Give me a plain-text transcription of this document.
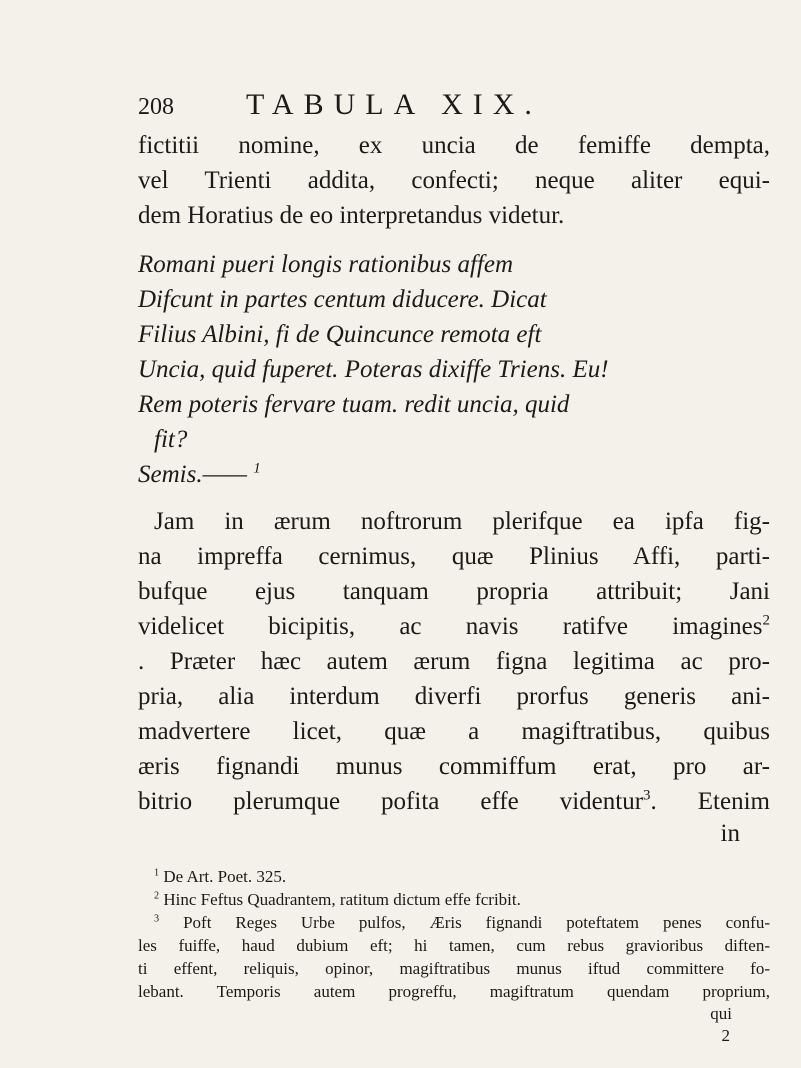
208	TABULA XIX.
fictitii nomine, ex uncia de femiffe dempta,
vel Trienti addita, confecti; neque aliter equi-
dem Horatius de eo interpretandus videtur.
Romani pueri longis rationibus affem
Difcunt in partes centum diducere. Dicat
Filius Albini, fi de Quincunce remota eft
Uncia, quid fuperet. Poteras dixiffe Triens. Eu!
Rem poteris fervare tuam. redit uncia, quid
fit?
Semis.—— $^1$
Jam in ærum noftrorum plerifque ea ipfa fig-
na impreffa cernimus, quæ Plinius Affi, parti-
bufque ejus tanquam propria attribuit; Jani
videlicet bicipitis, ac navis ratifve imagines$^2$
. Præter hæc autem ærum figna legitima ac pro-
pria, alia interdum diverfi prorfus generis ani-
madvertere licet, quæ a magiftratibus, quibus
æris fignandi munus commiffum erat, pro ar-
bitrio plerumque pofita effe videntur$^3$. Etenim
in
$^1$ De Art. Poet. 325.
$^2$ Hinc Feftus Quadrantem, ratitum dictum effe fcribit.
$^3$ Poft Reges Urbe pulfos, Æris fignandi poteftatem penes confu-
les fuiffe, haud dubium eft; hi tamen, cum rebus gravioribus diften-
ti effent, reliquis, opinor, magiftratibus munus iftud committere fo-
lebant. Temporis autem progreffu, magiftratum quendam proprium,
qui
2
